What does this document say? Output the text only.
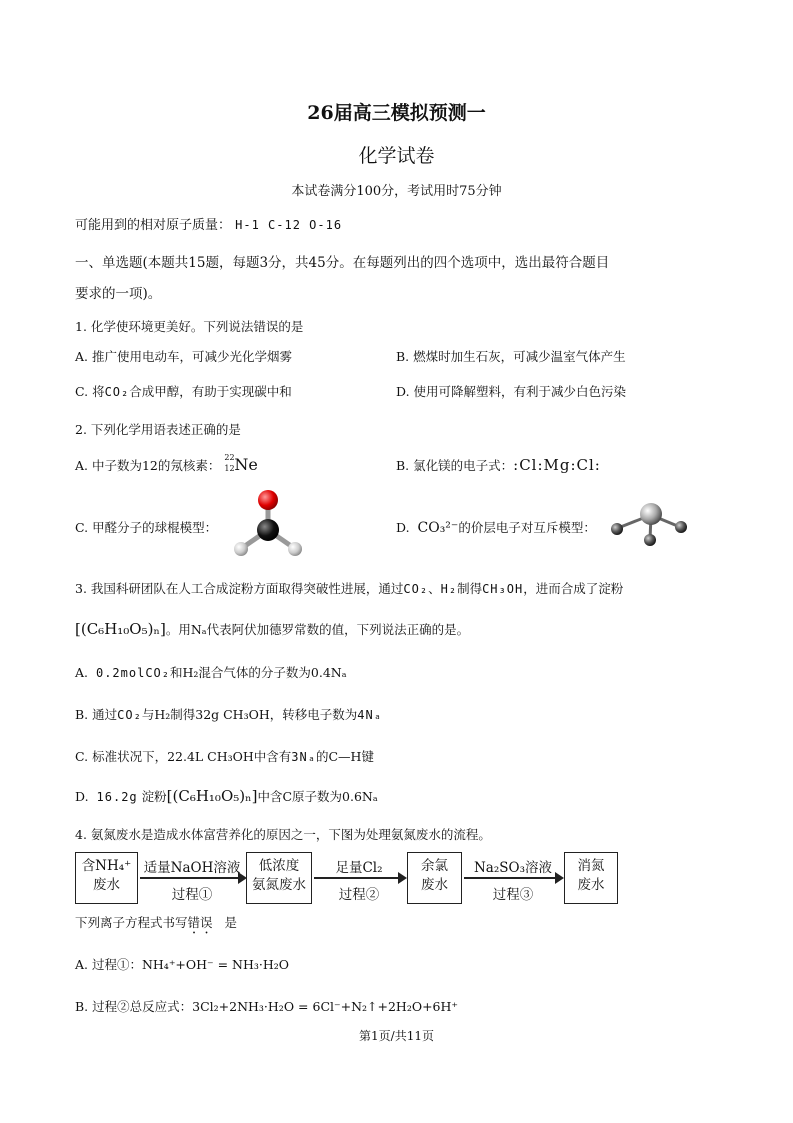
26届高三模拟预测一
化学试卷
本试卷满分100分，考试用时75分钟
可能用到的相对原子质量： H-1 C-12 O-16
一、单选题(本题共15题，每题3分，共45分。在每题列出的四个选项中，选出最符合题目
要求的一项)。
1. 化学使环境更美好。下列说法错误的是
A. 推广使用电动车，可减少光化学烟雾	B. 燃煤时加生石灰，可减少温室气体产生
C. 将CO₂合成甲醇，有助于实现碳中和	D. 使用可降解塑料，有利于减少白色污染
2. 下列化学用语表述正确的是
A. 中子数为12的氖核素：
22
12 Ne	B. 氯化镁的电子式：:Cl:Mg:Cl:
C. 甲醛分子的球棍模型：	D.  CO₃²⁻的价层电子对互斥模型：
3. 我国科研团队在人工合成淀粉方面取得突破性进展，通过CO₂、H₂制得CH₃OH，进而合成了淀粉
[(C₆H₁₀O₅)ₙ]。用Nₐ代表阿伏加德罗常数的值，下列说法正确的是。
A. 0.2molCO₂和H₂混合气体的分子数为0.4Nₐ
B. 通过CO₂与H₂制得32g CH₃OH，转移电子数为4Nₐ
C. 标准状况下，22.4L CH₃OH中含有3Nₐ的C—H键
D. 16.2g 淀粉[(C₆H₁₀O₅)ₙ]中含C原子数为0.6Nₐ
4. 氨氮废水是造成水体富营养化的原因之一，下图为处理氨氮废水的流程。
含NH₄⁺
废水
适量NaOH溶液
过程①
低浓度
氨氮废水
足量Cl₂
过程②
余氯
废水
Na₂SO₃溶液
过程③
消氮
废水
下列离子方程式书写错误 是
A. 过程①：NH₄⁺+OH⁻ = NH₃·H₂O
B. 过程②总反应式：3Cl₂+2NH₃·H₂O = 6Cl⁻+N₂↑+2H₂O+6H⁺
第1页/共11页
